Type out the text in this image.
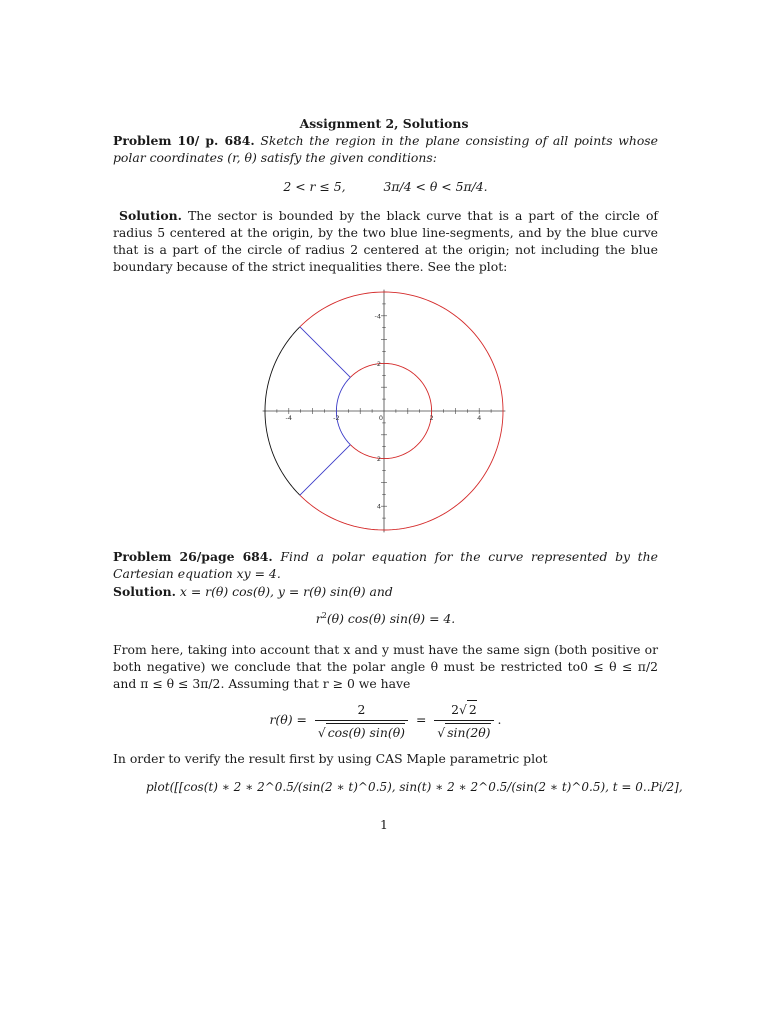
Assignment 2, Solutions
Problem 10/ p. 684. Sketch the region in the plane consisting of all points whose polar coordinates (r, θ) satisfy the given conditions:
2 < r ≤ 5,	3π/4 < θ < 5π/4.
Solution. The sector is bounded by the black curve that is a part of the circle of radius 5 centered at the origin, by the two blue line-segments, and by the blue curve that is a part of the circle of radius 2 centered at the origin; not including the blue boundary because of the strict inequalities there. See the plot:
-4	-2	0	2	4
4
2
-2
-4
Problem 26/page 684. Find a polar equation for the curve represented by the Cartesian equation xy = 4.
Solution. x = r(θ) cos(θ), y = r(θ) sin(θ) and
$r^2(\theta)$ cos(θ) sin(θ) = 4.
From here, taking into account that x and y must have the same sign (both positive or both negative) we conclude that the polar angle θ must be restricted to0 ≤ θ ≤ π/2 and π ≤ θ ≤ 3π/2. Assuming that r ≥ 0 we have
$r(\theta) = \frac{2}{√ \cos(\theta) \sin(\theta)} = \frac{2√ 2}{√ \sin(2\theta)}$ .
In order to verify the result first by using CAS Maple parametric plot
plot([[cos(t) ∗ 2 ∗ 2^0.5/(sin(2 ∗ t)^0.5), sin(t) ∗ 2 ∗ 2^0.5/(sin(2 ∗ t)^0.5), t = 0..Pi/2],
1
